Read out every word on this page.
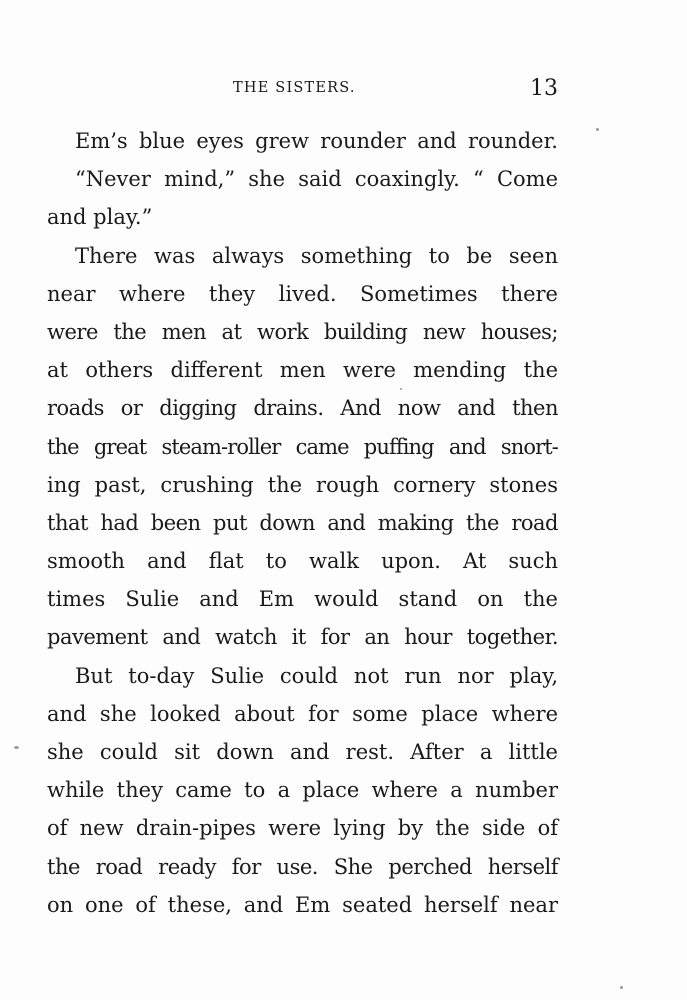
THE SISTERS.	13
Em’s blue eyes grew rounder and rounder.
“Never mind,” she said coaxingly. “ Come
and play.”
There was always something to be seen
near where they lived. Sometimes there
were the men at work building new houses;
at others different men were mending the
roads or digging drains. And now and then
the great steam-roller came puffing and snort-
ing past, crushing the rough cornery stones
that had been put down and making the road
smooth and flat to walk upon. At such
times Sulie and Em would stand on the
pavement and watch it for an hour together.
But to-day Sulie could not run nor play,
and she looked about for some place where
she could sit down and rest. After a little
while they came to a place where a number
of new drain-pipes were lying by the side of
the road ready for use. She perched herself
on one of these, and Em seated herself near
